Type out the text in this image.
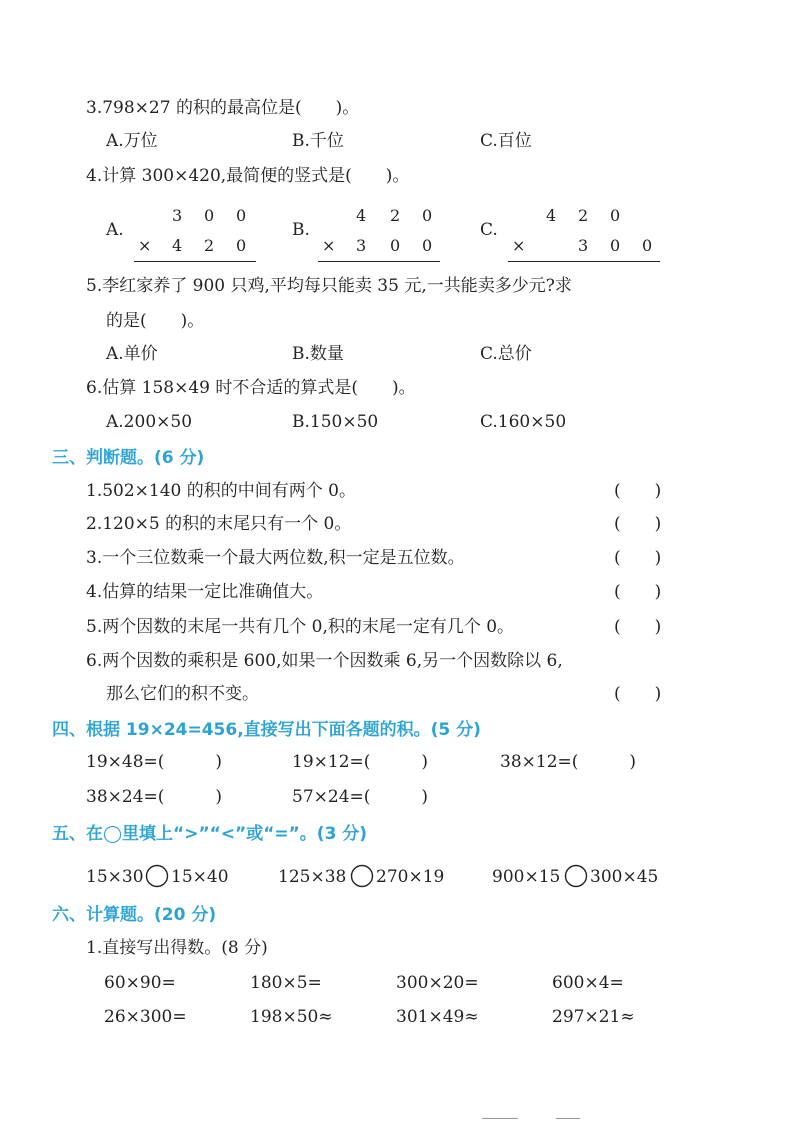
3.798×27 的积的最高位是(　　)。
A.万位	B.千位	C.百位
4.计算 300×420,最简便的竖式是(　　)。
A.
3 0 0
× 4 2 0
B.
4 2 0
× 3 0 0
C.
4 2 0
×	3 0 0
5.李红家养了 900 只鸡,平均每只能卖 35 元,一共能卖多少元?求
的是(　　)。
A.单价	B.数量	C.总价
6.估算 158×49 时不合适的算式是(　　)。
A.200×50	B.150×50	C.160×50
三、判断题。(6 分)
1.502×140 的积的中间有两个 0。	(　　)
2.120×5 的积的末尾只有一个 0。	(　　)
3.一个三位数乘一个最大两位数,积一定是五位数。	(　　)
4.估算的结果一定比准确值大。	(　　)
5.两个因数的末尾一共有几个 0,积的末尾一定有几个 0。	(　　)
6.两个因数的乘积是 600,如果一个因数乘 6,另一个因数除以 6,
那么它们的积不变。	(　　)
四、根据 19×24=456,直接写出下面各题的积。(5 分)
19×48=(　　　)	19×12=(　　　)	38×12=(　　　)
38×24=(　　　)	57×24=(　　　)
五、在◯里填上“>”“<”或“=”。(3 分)
15×30 15×40	125×38 270×19	900×15 300×45
六、计算题。(20 分)
1.直接写出得数。(8 分)
60×90=	180×5=	300×20=	600×4=
26×300=	198×50≈	301×49≈	297×21≈
